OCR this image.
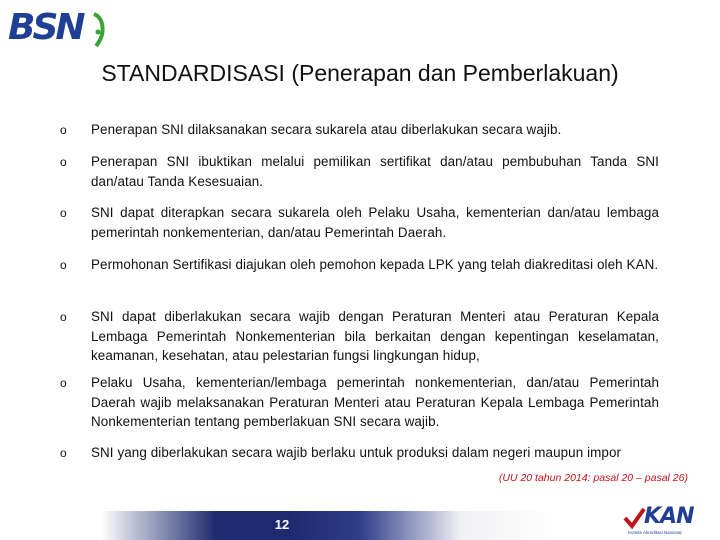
BSN
STANDARDISASI (Penerapan dan Pemberlakuan)
o Penerapan SNI dilaksanakan secara sukarela atau diberlakukan secara wajib.
o Penerapan SNI ibuktikan melalui pemilikan sertifikat dan/atau pembubuhan Tanda SNI dan/atau Tanda Kesesuaian.
o SNI dapat diterapkan secara sukarela oleh Pelaku Usaha, kementerian dan/atau lembaga pemerintah nonkementerian, dan/atau Pemerintah Daerah.
o Permohonan Sertifikasi diajukan oleh pemohon kepada LPK yang telah diakreditasi oleh KAN.
o SNI dapat diberlakukan secara wajib dengan Peraturan Menteri atau Peraturan Kepala Lembaga Pemerintah Nonkementerian bila berkaitan dengan kepentingan keselamatan, keamanan, kesehatan, atau pelestarian fungsi lingkungan hidup,
o Pelaku Usaha, kementerian/lembaga pemerintah nonkementerian, dan/atau Pemerintah Daerah wajib melaksanakan Peraturan Menteri atau Peraturan Kepala Lembaga Pemerintah Nonkementerian tentang pemberlakuan SNI secara wajib.
o SNI yang diberlakukan secara wajib berlaku untuk produksi dalam negeri maupun impor
(UU 20 tahun 2014: pasal 20 – pasal 26)
12	KAN
Komite Akreditasi Nasional
